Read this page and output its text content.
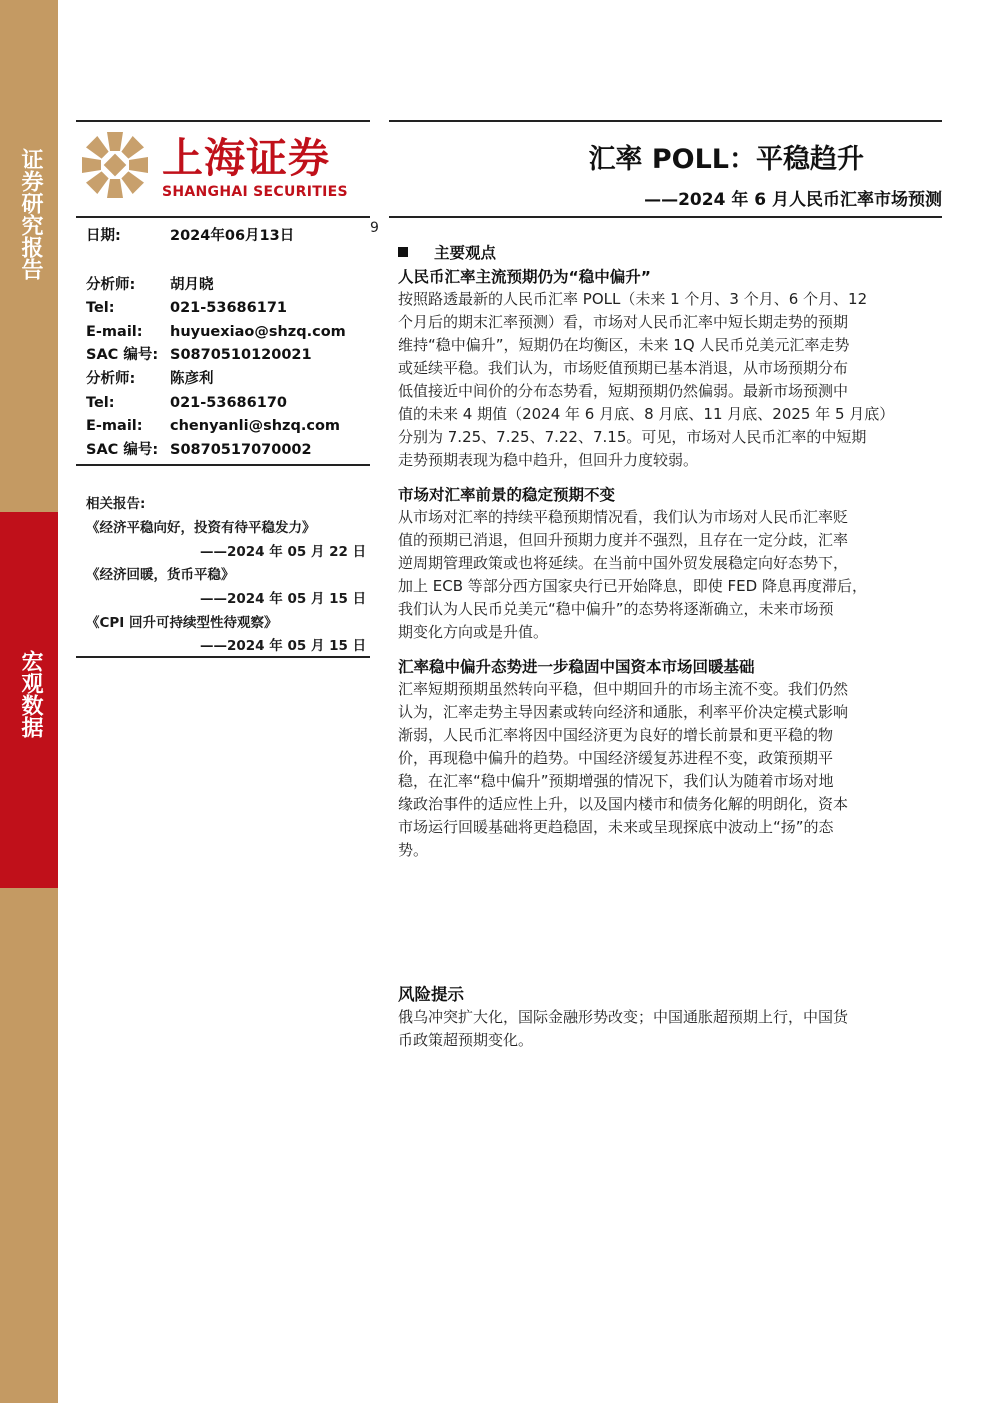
证券研究报告
宏观数据
上海证券
SHANGHAI SECURITIES
汇率 POLL：平稳趋升
——2024 年 6 月人民币汇率市场预测
日期:	2024年06月13日	9
分析师: 胡月晓
Tel:	021-53686171
E-mail: huyuexiao@shzq.com
SAC 编号: S0870510120021
分析师: 陈彦利
Tel:	021-53686170
E-mail: chenyanli@shzq.com
SAC 编号: S0870517070002
相关报告:
《经济平稳向好，投资有待平稳发力》
——2024 年 05 月 22 日
《经济回暖，货币平稳》
——2024 年 05 月 15 日
《CPI 回升可持续型性待观察》
——2024 年 05 月 15 日
主要观点
人民币汇率主流预期仍为“稳中偏升”

按照路透最新的人民币汇率 POLL（未来 1 个月、3 个月、6 个月、12

个月后的期末汇率预测）看，市场对人民币汇率中短长期走势的预期

维持“稳中偏升”，短期仍在均衡区，未来 1Q 人民币兑美元汇率走势

或延续平稳。我们认为，市场贬值预期已基本消退，从市场预期分布

低值接近中间价的分布态势看，短期预期仍然偏弱。最新市场预测中

值的未来 4 期值（2024 年 6 月底、8 月底、11 月底、2025 年 5 月底）

分别为 7.25、7.25、7.22、7.15。可见，市场对人民币汇率的中短期

走势预期表现为稳中趋升，但回升力度较弱。

市场对汇率前景的稳定预期不变

从市场对汇率的持续平稳预期情况看，我们认为市场对人民币汇率贬

值的预期已消退，但回升预期力度并不强烈，且存在一定分歧，汇率

逆周期管理政策或也将延续。在当前中国外贸发展稳定向好态势下，

加上 ECB 等部分西方国家央行已开始降息，即使 FED 降息再度滞后，

我们认为人民币兑美元“稳中偏升”的态势将逐渐确立，未来市场预

期变化方向或是升值。

汇率稳中偏升态势进一步稳固中国资本市场回暖基础

汇率短期预期虽然转向平稳，但中期回升的市场主流不变。我们仍然

认为，汇率走势主导因素或转向经济和通胀，利率平价决定模式影响

渐弱，人民币汇率将因中国经济更为良好的增长前景和更平稳的物

价，再现稳中偏升的趋势。中国经济缓复苏进程不变，政策预期平

稳，在汇率“稳中偏升”预期增强的情况下，我们认为随着市场对地

缘政治事件的适应性上升，以及国内楼市和债务化解的明朗化，资本

市场运行回暖基础将更趋稳固，未来或呈现探底中波动上“扬”的态

势。

风险提示

俄乌冲突扩大化，国际金融形势改变；中国通胀超预期上行，中国货

币政策超预期变化。
